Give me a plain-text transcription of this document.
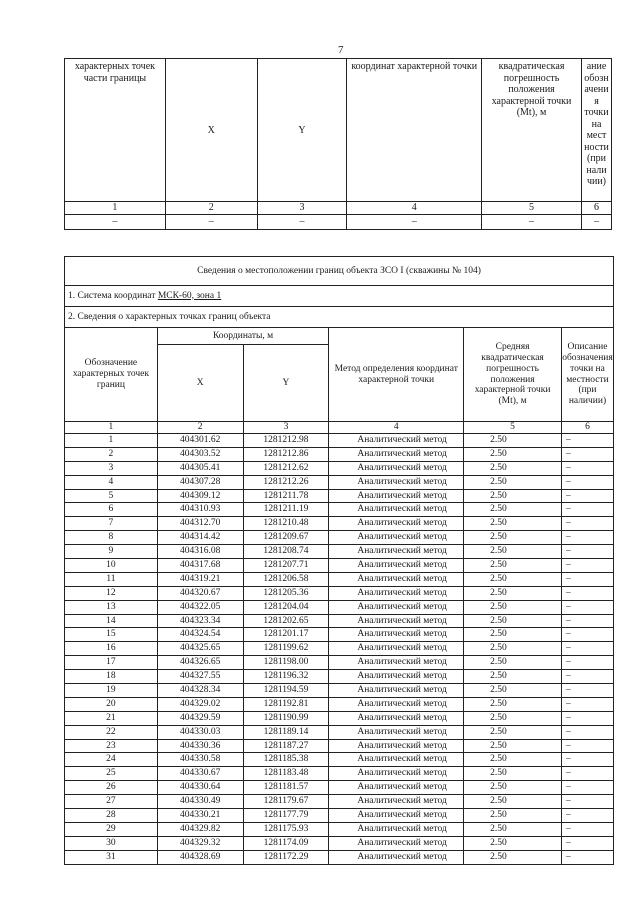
7
характерных точек части границы	X	Y	координат характерной точки	квадратическая погрешность положения характерной точки (Mt), м	ание обозн ачени я точки на мест ности (при нали чии)
1	2	3	4	5	6
–	–	–	–	–	–
Сведения о местоположении границ объекта ЗСО I (скважины № 104)					
1. Система координат МСК-60, зона 1					
2. Сведения о характерных точках границ объекта					
Обозначение характерных точек границ	Координаты, м		Метод определения координат характерной точки	Средняя квадратическая погрешность положения характерной точки (Mt), м	Описание обозначения точки на местности (при наличии)
	X	Y			
1	2	3	4	5	6
1	404301.62	1281212.98	Аналитический метод	2.50	–
2	404303.52	1281212.86	Аналитический метод	2.50	–
3	404305.41	1281212.62	Аналитический метод	2.50	–
4	404307.28	1281212.26	Аналитический метод	2.50	–
5	404309.12	1281211.78	Аналитический метод	2.50	–
6	404310.93	1281211.19	Аналитический метод	2.50	–
7	404312.70	1281210.48	Аналитический метод	2.50	–
8	404314.42	1281209.67	Аналитический метод	2.50	–
9	404316.08	1281208.74	Аналитический метод	2.50	–
10	404317.68	1281207.71	Аналитический метод	2.50	–
11	404319.21	1281206.58	Аналитический метод	2.50	–
12	404320.67	1281205.36	Аналитический метод	2.50	–
13	404322.05	1281204.04	Аналитический метод	2.50	–
14	404323.34	1281202.65	Аналитический метод	2.50	–
15	404324.54	1281201.17	Аналитический метод	2.50	–
16	404325.65	1281199.62	Аналитический метод	2.50	–
17	404326.65	1281198.00	Аналитический метод	2.50	–
18	404327.55	1281196.32	Аналитический метод	2.50	–
19	404328.34	1281194.59	Аналитический метод	2.50	–
20	404329.02	1281192.81	Аналитический метод	2.50	–
21	404329.59	1281190.99	Аналитический метод	2.50	–
22	404330.03	1281189.14	Аналитический метод	2.50	–
23	404330.36	1281187.27	Аналитический метод	2.50	–
24	404330.58	1281185.38	Аналитический метод	2.50	–
25	404330.67	1281183.48	Аналитический метод	2.50	–
26	404330.64	1281181.57	Аналитический метод	2.50	–
27	404330.49	1281179.67	Аналитический метод	2.50	–
28	404330.21	1281177.79	Аналитический метод	2.50	–
29	404329.82	1281175.93	Аналитический метод	2.50	–
30	404329.32	1281174.09	Аналитический метод	2.50	–
31	404328.69	1281172.29	Аналитический метод	2.50	–
